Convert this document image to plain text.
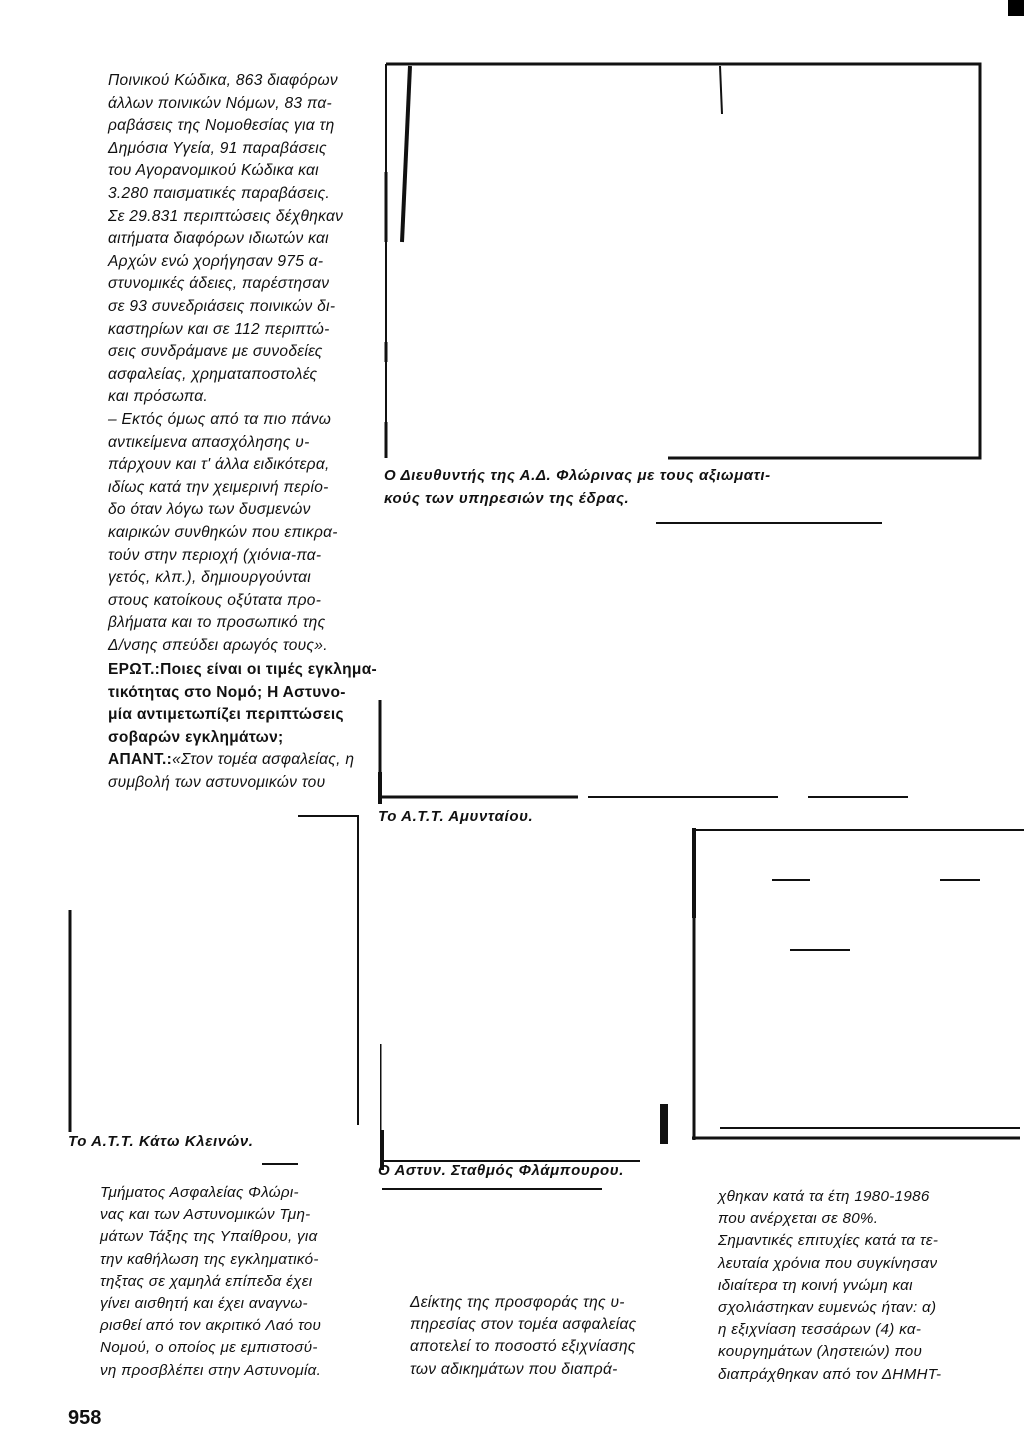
Ποινικού Κώδικα, 863 διαφόρων
άλλων ποινικών Νόμων, 83 πα-
ραβάσεις της Νομοθεσίας για τη
Δημόσια Υγεία, 91 παραβάσεις
του Αγορανομικού Κώδικα και
3.280 παισματικές παραβάσεις.
Σε 29.831 περιπτώσεις δέχθηκαν
αιτήματα διαφόρων ιδιωτών και
Αρχών ενώ χορήγησαν 975 α-
στυνομικές άδειες, παρέστησαν
σε 93 συνεδριάσεις ποινικών δι-
καστηρίων και σε 112 περιπτώ-
σεις συνδράμανε με συνοδείες
ασφαλείας, χρηματαποστολές
και πρόσωπα.
– Εκτός όμως από τα πιο πάνω
αντικείμενα απασχόλησης υ-
πάρχουν και τ' άλλα ειδικότερα,
ιδίως κατά την χειμερινή περίο-
δο όταν λόγω των δυσμενών
καιρικών συνθηκών που επικρα-
τούν στην περιοχή (χιόνια-πα-
γετός, κλπ.), δημιουργούνται
στους κατοίκους οξύτατα προ-
βλήματα και το προσωπικό της
Δ/νσης σπεύδει αρωγός τους».
ΕΡΩΤ.:Ποιες είναι οι τιμές εγκλημα-
τικότητας στο Νομό; Η Αστυνο-
μία αντιμετωπίζει περιπτώσεις
σοβαρών εγκλημάτων;
ΑΠΑΝΤ.:«Στον τομέα ασφαλείας, η
συμβολή των αστυνομικών του
Ο Διευθυντής της Α.Δ. Φλώρινας με τους αξιωματι-
κούς των υπηρεσιών της έδρας.
Το Α.Τ.Τ. Αμυνταίου.
Το Α.Τ.Τ. Κάτω Κλεινών.
Ο Αστυν. Σταθμός Φλάμπουρου.
Τμήματος Ασφαλείας Φλώρι-
νας και των Αστυνομικών Τμη-
μάτων Τάξης της Υπαίθρου, για
την καθήλωση της εγκληματικό-
τηξτας σε χαμηλά επίπεδα έχει
γίνει αισθητή και έχει αναγνω-
ρισθεί από τον ακριτικό Λαό του
Νομού, ο οποίος με εμπιστοσύ-
νη προσβλέπει στην Αστυνομία.
Δείκτης της προσφοράς της υ-
πηρεσίας στον τομέα ασφαλείας
αποτελεί το ποσοστό εξιχνίασης
των αδικημάτων που διαπρά-
χθηκαν κατά τα έτη 1980-1986
που ανέρχεται σε 80%.
Σημαντικές επιτυχίες κατά τα τε-
λευταία χρόνια που συγκίνησαν
ιδιαίτερα τη κοινή γνώμη και
σχολιάστηκαν ευμενώς ήταν: α)
η εξιχνίαση τεσσάρων (4) κα-
κουργημάτων (ληστειών) που
διαπράχθηκαν από τον ΔΗΜΗΤ-
958
